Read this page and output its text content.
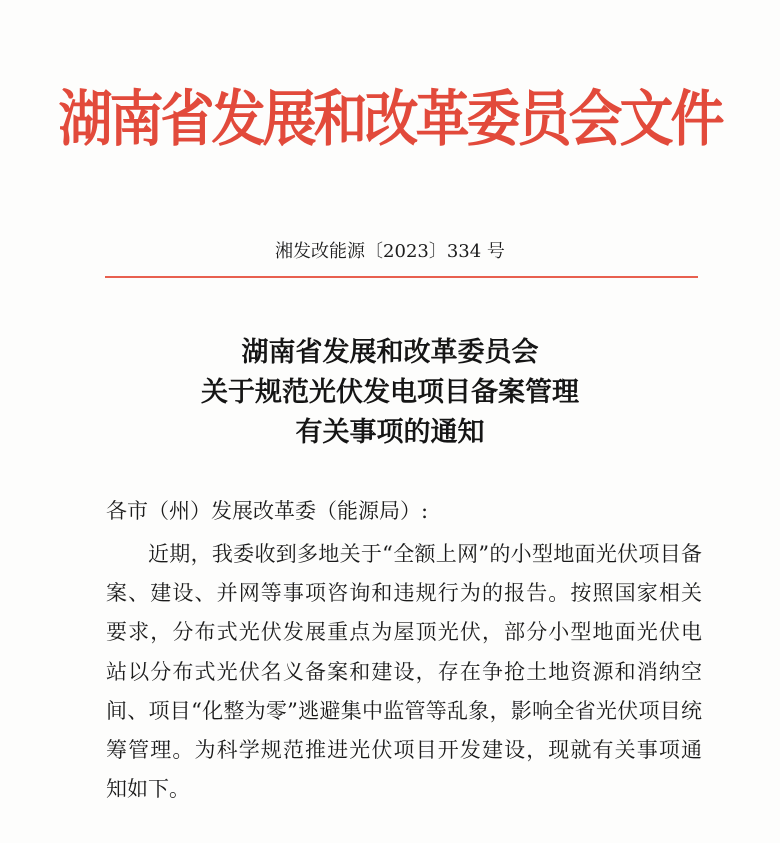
湖南省发展和改革委员会文件
湘发改能源〔2023〕334 号
湖南省发展和改革委员会
关于规范光伏发电项目备案管理
有关事项的通知
各市（州）发展改革委（能源局）:
近期，我委收到多地关于“全额上网”的小型地面光伏项目备
案、建设、并网等事项咨询和违规行为的报告。按照国家相关
要求，分布式光伏发展重点为屋顶光伏，部分小型地面光伏电
站以分布式光伏名义备案和建设，存在争抢土地资源和消纳空
间、项目“化整为零”逃避集中监管等乱象，影响全省光伏项目统
筹管理。为科学规范推进光伏项目开发建设，现就有关事项通
知如下。
